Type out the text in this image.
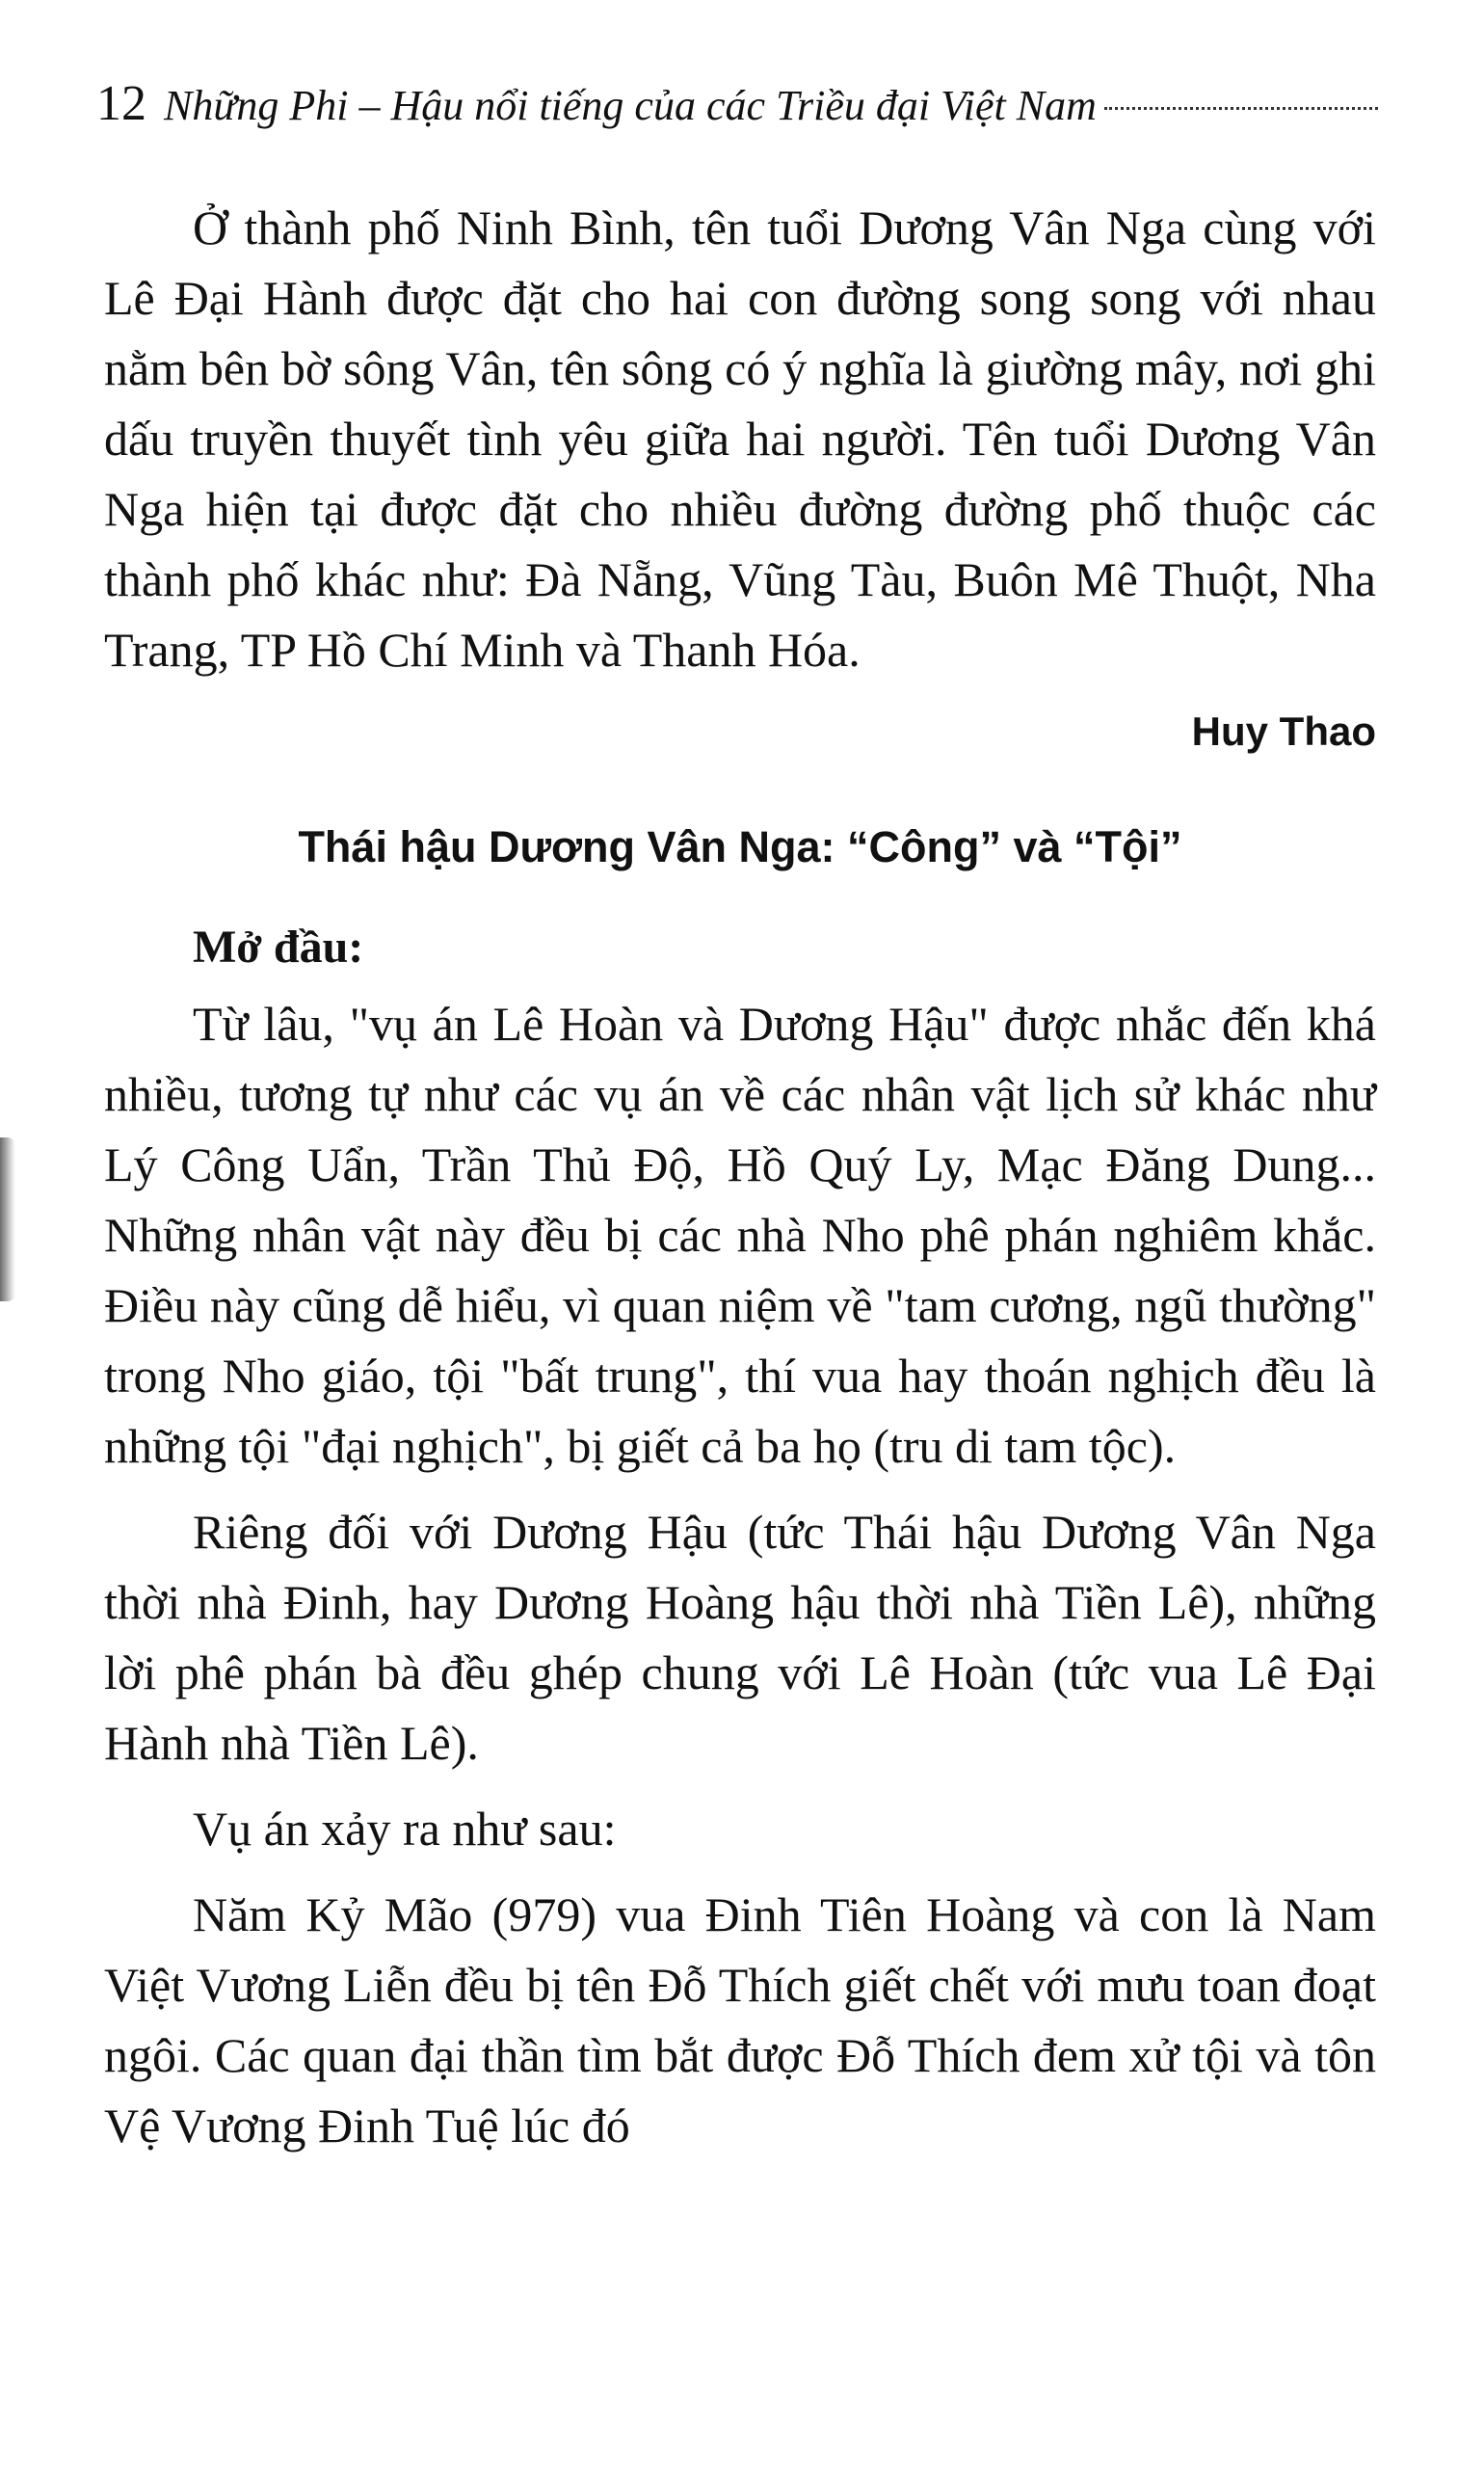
12 Những Phi – Hậu nổi tiếng của các Triều đại Việt Nam

Ở thành phố Ninh Bình, tên tuổi Dương Vân Nga cùng với Lê Đại Hành được đặt cho hai con đường song song với nhau nằm bên bờ sông Vân, tên sông có ý nghĩa là giường mây, nơi ghi dấu truyền thuyết tình yêu giữa hai người. Tên tuổi Dương Vân Nga hiện tại được đặt cho nhiều đường đường phố thuộc các thành phố khác như: Đà Nẵng, Vũng Tàu, Buôn Mê Thuột, Nha Trang, TP Hồ Chí Minh và Thanh Hóa.

Huy Thao

Thái hậu Dương Vân Nga: “Công” và “Tội”

Mở đầu:

Từ lâu, "vụ án Lê Hoàn và Dương Hậu" được nhắc đến khá nhiều, tương tự như các vụ án về các nhân vật lịch sử khác như Lý Công Uẩn, Trần Thủ Độ, Hồ Quý Ly, Mạc Đăng Dung... Những nhân vật này đều bị các nhà Nho phê phán nghiêm khắc. Điều này cũng dễ hiểu, vì quan niệm về "tam cương, ngũ thường" trong Nho giáo, tội "bất trung", thí vua hay thoán nghịch đều là những tội "đại nghịch", bị giết cả ba họ (tru di tam tộc).

Riêng đối với Dương Hậu (tức Thái hậu Dương Vân Nga thời nhà Đinh, hay Dương Hoàng hậu thời nhà Tiền Lê), những lời phê phán bà đều ghép chung với Lê Hoàn (tức vua Lê Đại Hành nhà Tiền Lê).

Vụ án xảy ra như sau:

Năm Kỷ Mão (979) vua Đinh Tiên Hoàng và con là Nam Việt Vương Liễn đều bị tên Đỗ Thích giết chết với mưu toan đoạt ngôi. Các quan đại thần tìm bắt được Đỗ Thích đem xử tội và tôn Vệ Vương Đinh Tuệ lúc đó
